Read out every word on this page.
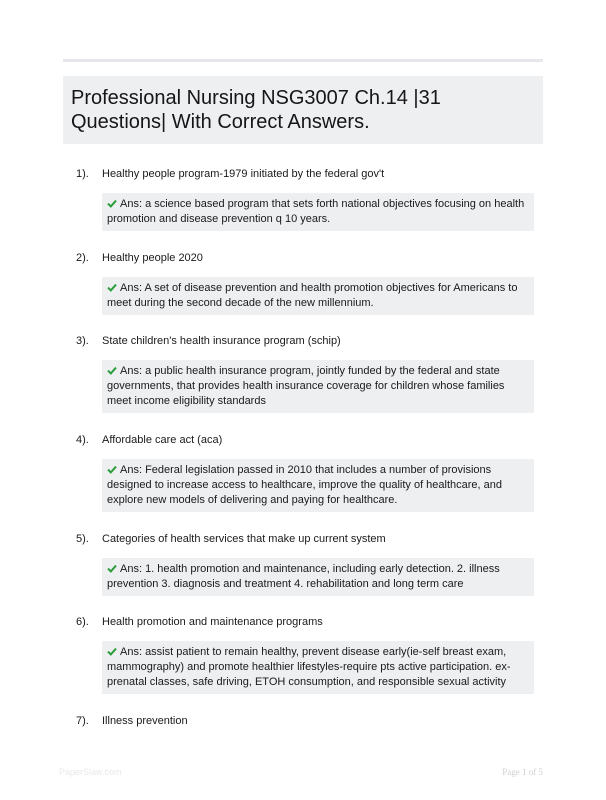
Professional Nursing NSG3007 Ch.14 |31 Questions| With Correct Answers.
1). Healthy people program-1979 initiated by the federal gov't
Ans: a science based program that sets forth national objectives focusing on health promotion and disease prevention q 10 years.
2). Healthy people 2020
Ans: A set of disease prevention and health promotion objectives for Americans to meet during the second decade of the new millennium.
3). State children's health insurance program (schip)
Ans: a public health insurance program, jointly funded by the federal and state governments, that provides health insurance coverage for children whose families meet income eligibility standards
4). Affordable care act (aca)
Ans: Federal legislation passed in 2010 that includes a number of provisions designed to increase access to healthcare, improve the quality of healthcare, and explore new models of delivering and paying for healthcare.
5). Categories of health services that make up current system
Ans: 1. health promotion and maintenance, including early detection. 2. illness prevention 3. diagnosis and treatment 4. rehabilitation and long term care
6). Health promotion and maintenance programs
Ans: assist patient to remain healthy, prevent disease early(ie-self breast exam, mammography) and promote healthier lifestyles-require pts active participation. ex- prenatal classes, safe driving, ETOH consumption, and responsible sexual activity
7). Illness prevention
PaperSlaw.com	Page 1 of 5
